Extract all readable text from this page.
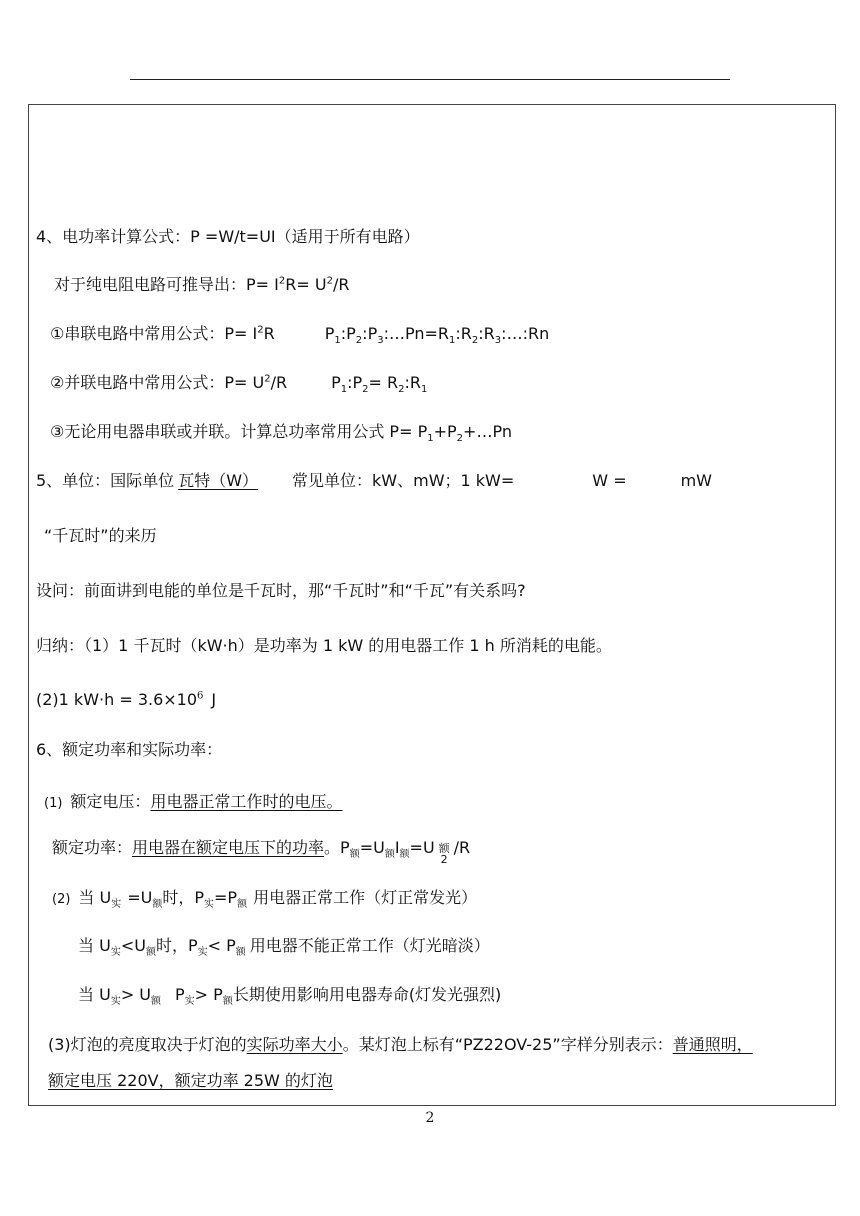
4、电功率计算公式：P =W/t=UI（适用于所有电路）
对于纯电阻电路可推导出：$P= I^2R= U^2/R$
①串联电路中常用公式：$P= I^2R$	$P_1:P_2:P_3:\dots Pn=R_1:R_2:R_3:\dots:Rn$
②并联电路中常用公式：$P= U^2/R$	$P_1:P_2=$ $R_2:R_1$
③无论用电器串联或并联。计算总功率常用公式 $P= P_1+P_2+\dots Pn$
5、单位：国际单位 瓦特（W） 常见单位：kW、mW；1 kW=	W =	mW
“千瓦时”的来历
设问：前面讲到电能的单位是千瓦时，那“千瓦时”和“千瓦”有关系吗?
归纳：（1）1 千瓦时（kW·h）是功率为 1 kW 的用电器工作 1 h 所消耗的电能。
(2)1 $kW\cdot h = 3.6\times 10^6$ J
6、额定功率和实际功率：
(1) 额定电压：用电器正常工作时的电压。
额定功率：用电器在额定电压下的功率。$P_额=U_额I_额=U$ 额
2/R
(2) 当 $U_实 =U_额$时，$P_实=P_额$ 用电器正常工作（灯正常发光）
当 $U_实<U_额$时，$P_实< P_额$ 用电器不能正常工作（灯光暗淡）
当 $U_实> U_额$ $P_实> P_额$长期使用影响用电器寿命(灯发光强烈)
(3)灯泡的亮度取决于灯泡的实际功率大小。某灯泡上标有“PZ22OV-25”字样分别表示：普通照明，
额定电压 220V，额定功率 25W 的灯泡
2
